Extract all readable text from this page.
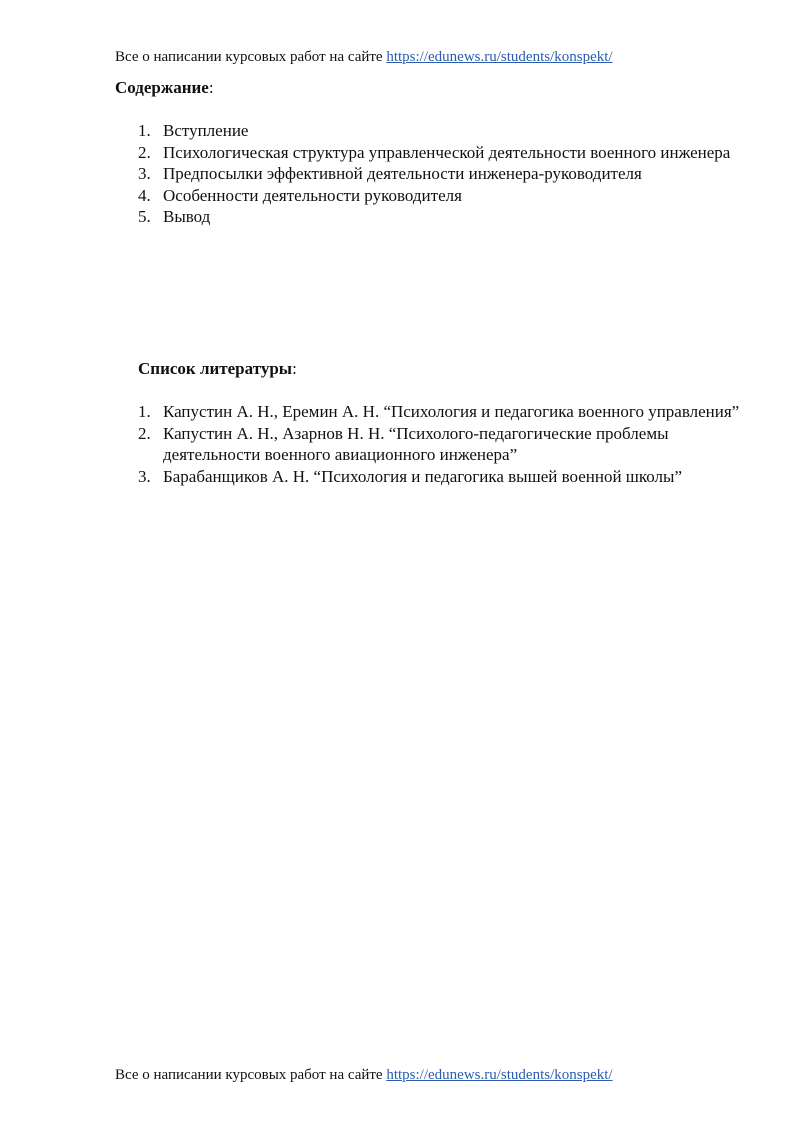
Все о написании курсовых работ на сайте https://edunews.ru/students/konspekt/
Содержание:
1. Вступление
2. Психологическая структура управленческой деятельности военного инженера
3. Предпосылки эффективной деятельности инженера-руководителя
4. Особенности деятельности руководителя
5. Вывод
Список литературы:
1. Капустин А. Н., Еремин А. Н. “Психология и педагогика военного управления”
2. Капустин А. Н., Азарнов Н. Н. “Психолого-педагогические проблемы деятельности военного авиационного инженера”
3. Барабанщиков А. Н. “Психология и педагогика вышей военной школы”
Все о написании курсовых работ на сайте https://edunews.ru/students/konspekt/
